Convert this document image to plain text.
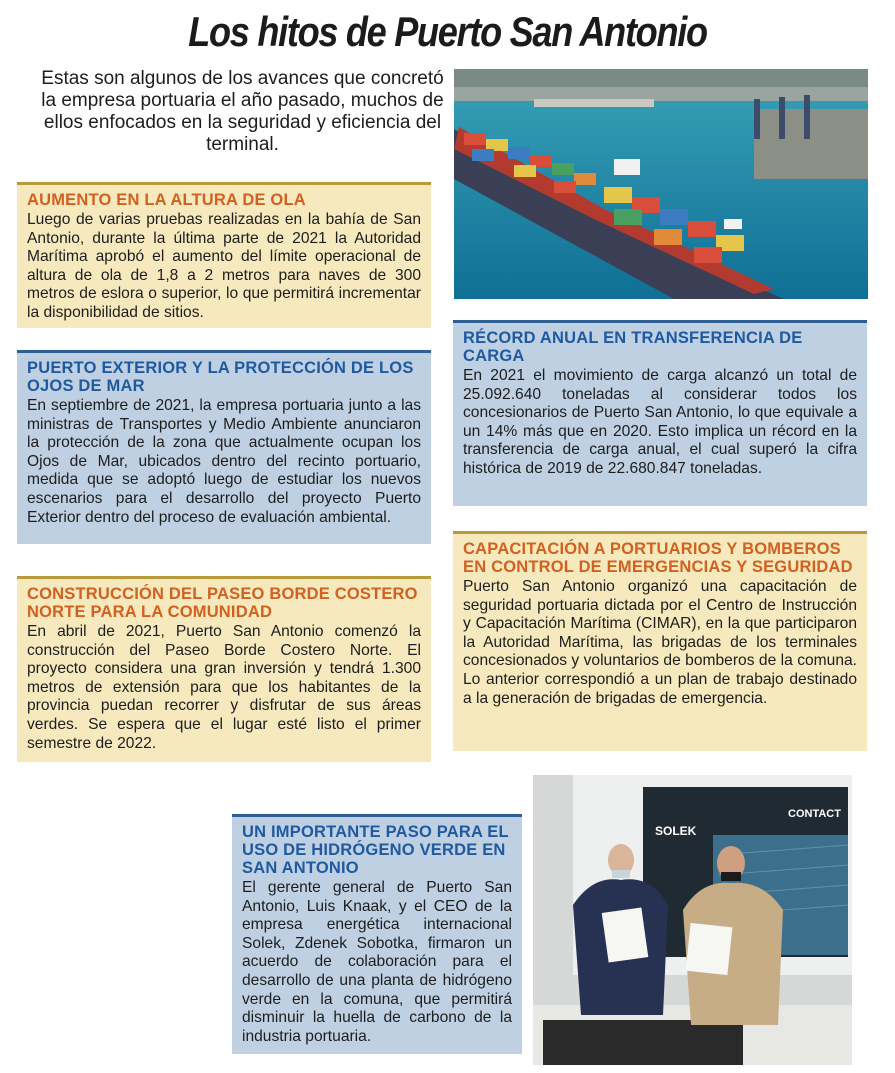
Los hitos de Puerto San Antonio
Estas son algunos de los avances que concretó la empresa portuaria el año pasado, muchos de ellos enfocados en la seguridad y eficiencia del terminal.
AUMENTO EN LA ALTURA DE OLA

Luego de varias pruebas realizadas en la bahía de San Antonio, durante la última parte de 2021 la Autoridad Marítima aprobó el aumento del límite operacional de altura de ola de 1,8 a 2 metros para naves de 300 metros de eslora o superior, lo que permitirá incrementar la disponibilidad de sitios.

PUERTO EXTERIOR Y LA PROTECCIÓN DE LOS OJOS DE MAR

En septiembre de 2021, la empresa portuaria junto a las ministras de Transportes y Medio Ambiente anunciaron la protección de la zona que actualmente ocupan los Ojos de Mar, ubicados dentro del recinto portuario, medida que se adoptó luego de estudiar los nuevos escenarios para el desarrollo del proyecto Puerto Exterior dentro del proceso de evaluación ambiental.

CONSTRUCCIÓN DEL PASEO BORDE COSTERO NORTE PARA LA COMUNIDAD

En abril de 2021, Puerto San Antonio comenzó la construcción del Paseo Borde Costero Norte. El proyecto considera una gran inversión y tendrá 1.300 metros de extensión para que los habitantes de la provincia puedan recorrer y disfrutar de sus áreas verdes. Se espera que el lugar esté listo el primer semestre de 2022.

RÉCORD ANUAL EN TRANSFERENCIA DE CARGA

En 2021 el movimiento de carga alcanzó un total de 25.092.640 toneladas al considerar todos los concesionarios de Puerto San Antonio, lo que equivale a un 14% más que en 2020. Esto implica un récord en la transferencia de carga anual, el cual superó la cifra histórica de 2019 de 22.680.847 toneladas.

CAPACITACIÓN A PORTUARIOS Y BOMBEROS EN CONTROL DE EMERGENCIAS Y SEGURIDAD

Puerto San Antonio organizó una capacitación de seguridad portuaria dictada por el Centro de Instrucción y Capacitación Marítima (CIMAR), en la que participaron la Autoridad Marítima, las brigadas de los terminales concesionados y voluntarios de bomberos de la comuna. Lo anterior correspondió a un plan de trabajo destinado a la generación de brigadas de emergencia.

UN IMPORTANTE PASO PARA EL USO DE HIDRÓGENO VERDE EN SAN ANTONIO

El gerente general de Puerto San Antonio, Luis Knaak, y el CEO de la empresa energética internacional Solek, Zdenek Sobotka, firmaron un acuerdo de colaboración para el desarrollo de una planta de hidrógeno verde en la comuna, que permitirá disminuir la huella de carbono de la industria portuaria.

SOLEK
CONTACT
